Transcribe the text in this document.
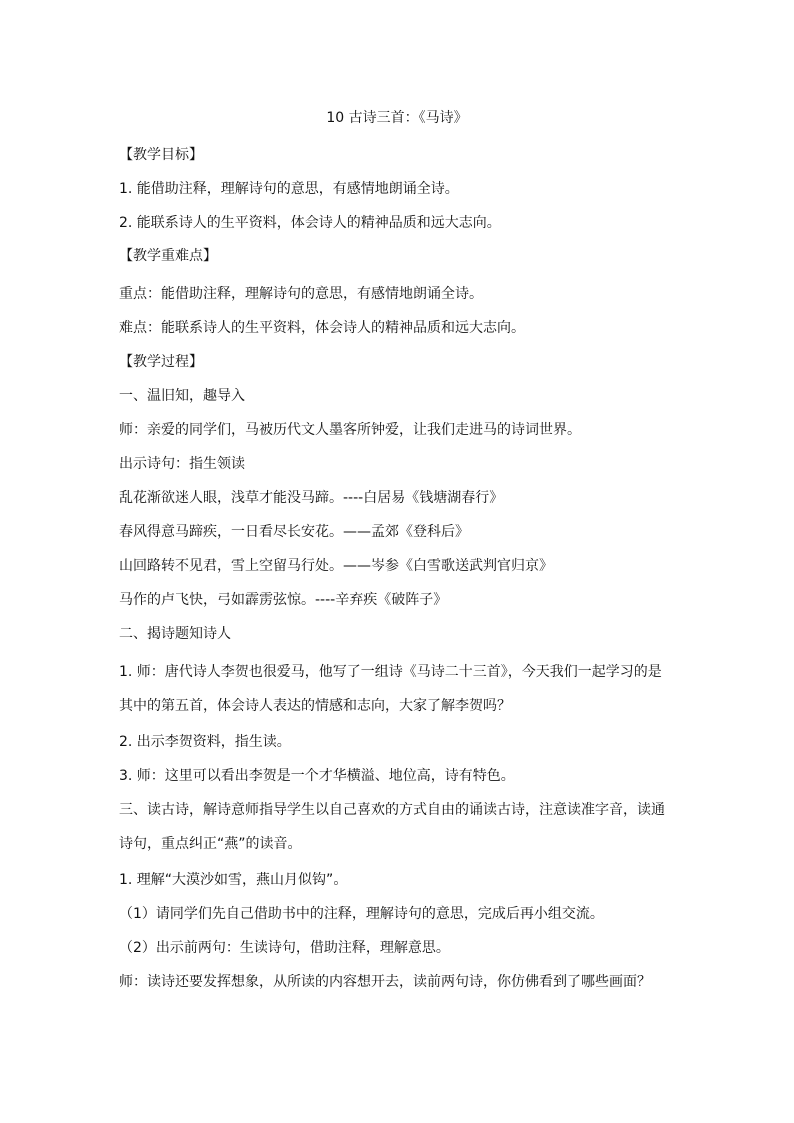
10 古诗三首：《马诗》
【教学目标】
1. 能借助注释，理解诗句的意思，有感情地朗诵全诗。
2. 能联系诗人的生平资料，体会诗人的精神品质和远大志向。
【教学重难点】
重点：能借助注释，理解诗句的意思，有感情地朗诵全诗。
难点：能联系诗人的生平资料，体会诗人的精神品质和远大志向。
【教学过程】
一、温旧知，趣导入
师：亲爱的同学们，马被历代文人墨客所钟爱，让我们走进马的诗词世界。
出示诗句：指生领读
乱花渐欲迷人眼，浅草才能没马蹄。----白居易《钱塘湖春行》
春风得意马蹄疾，一日看尽长安花。——孟郊《登科后》
山回路转不见君，雪上空留马行处。——岑参《白雪歌送武判官归京》
马作的卢飞快，弓如霹雳弦惊。----辛弃疾《破阵子》
二、揭诗题知诗人
1. 师：唐代诗人李贺也很爱马，他写了一组诗《马诗二十三首》，今天我们一起学习的是
其中的第五首，体会诗人表达的情感和志向，大家了解李贺吗？
2. 出示李贺资料，指生读。
3. 师：这里可以看出李贺是一个才华横溢、地位高，诗有特色。
三、读古诗，解诗意师指导学生以自己喜欢的方式自由的诵读古诗，注意读准字音，读通
诗句，重点纠正“燕”的读音。
1. 理解“大漠沙如雪，燕山月似钩”。
（1）请同学们先自己借助书中的注释，理解诗句的意思，完成后再小组交流。
（2）出示前两句：生读诗句，借助注释，理解意思。
师：读诗还要发挥想象，从所读的内容想开去，读前两句诗，你仿佛看到了哪些画面？
